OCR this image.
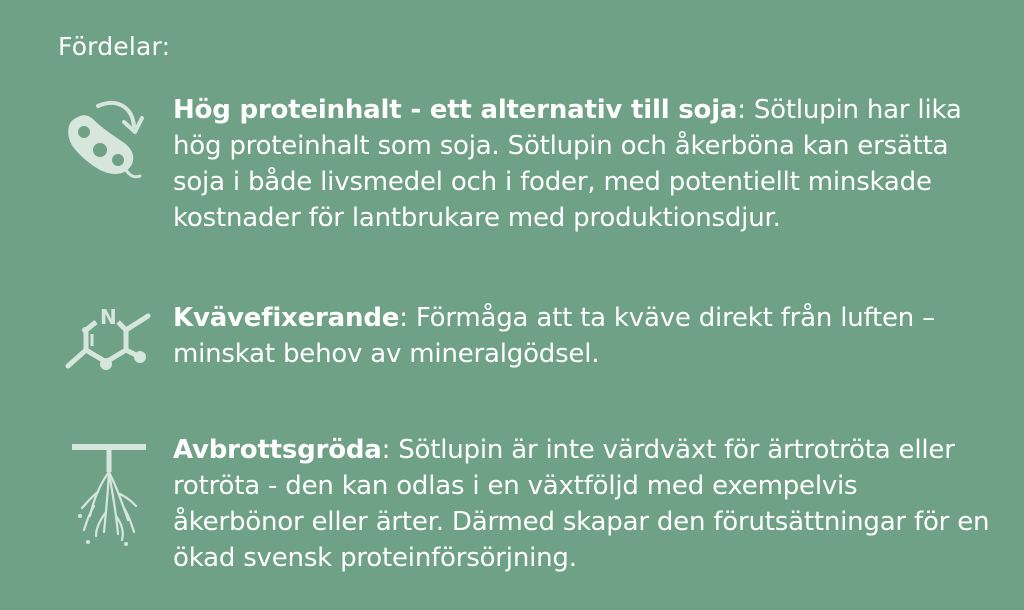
Fördelar:
Hög proteinhalt - ett alternativ till soja: Sötlupin har lika hög proteinhalt som soja. Sötlupin och åkerböna kan ersätta soja i både livsmedel och i foder, med potentiellt minskade kostnader för lantbrukare med produktionsdjur.
N Kvävefixerande: Förmåga att ta kväve direkt från luften – minskat behov av mineralgödsel.
Avbrottsgröda: Sötlupin är inte värdväxt för ärtrotröta eller rotröta - den kan odlas i en växtföljd med exempelvis åkerbönor eller ärter. Därmed skapar den förutsättningar för en ökad svensk proteinförsörjning.
